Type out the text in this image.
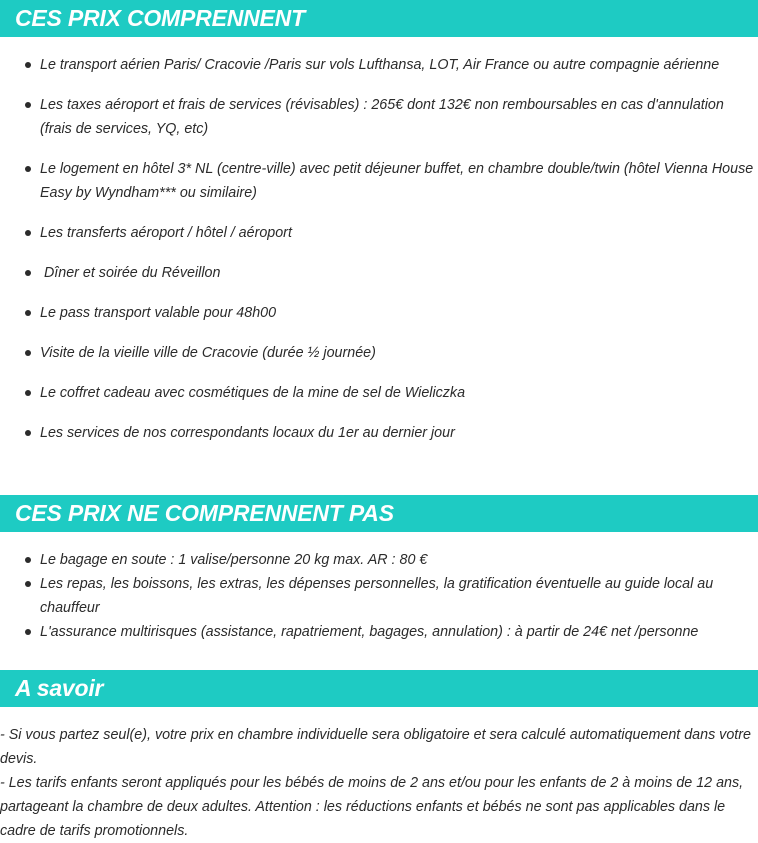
CES PRIX COMPRENNENT
Le transport aérien Paris/ Cracovie /Paris sur vols Lufthansa, LOT, Air France ou autre compagnie aérienne
Les taxes aéroport et frais de services (révisables) : 265€ dont 132€ non remboursables en cas d'annulation (frais de services, YQ, etc)
Le logement en hôtel 3* NL (centre-ville) avec petit déjeuner buffet, en chambre double/twin (hôtel Vienna House Easy by Wyndham*** ou similaire)
Les transferts aéroport / hôtel / aéroport
Dîner et soirée du Réveillon
Le pass transport valable pour 48h00
Visite de la vieille ville de Cracovie (durée ½ journée)
Le coffret cadeau avec cosmétiques de la mine de sel de Wieliczka
Les services de nos correspondants locaux du 1er au dernier jour
CES PRIX NE COMPRENNENT PAS
Le bagage en soute : 1 valise/personne 20 kg max. AR : 80 €
Les repas, les boissons, les extras, les dépenses personnelles, la gratification éventuelle au guide local au chauffeur
L'assurance multirisques (assistance, rapatriement, bagages, annulation) : à partir de 24€ net /personne
A savoir

- Si vous partez seul(e), votre prix en chambre individuelle sera obligatoire et sera calculé automatiquement dans votre devis.

- Les tarifs enfants seront appliqués pour les bébés de moins de 2 ans et/ou pour les enfants de 2 à moins de 12 ans, partageant la chambre de deux adultes. Attention : les réductions enfants et bébés ne sont pas applicables dans le cadre de tarifs promotionnels.
